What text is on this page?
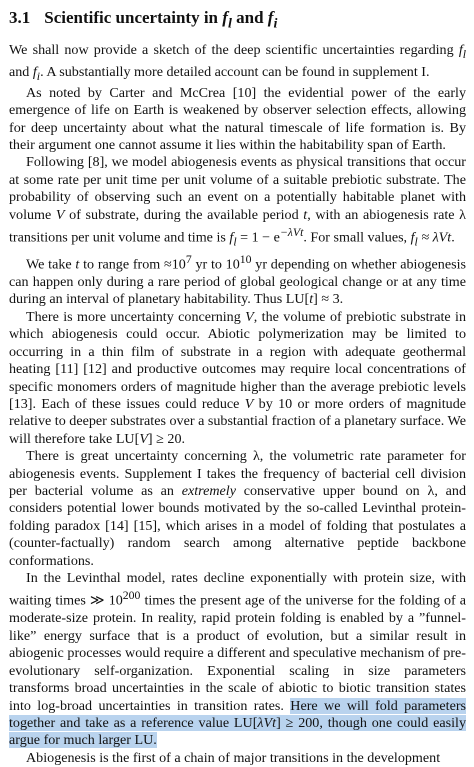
3.1 Scientific uncertainty in $f_l$ and $f_i$

We shall now provide a sketch of the deep scientific uncertainties regarding $f_l$ and $f_i$. A substantially more detailed account can be found in supplement I.

As noted by Carter and McCrea [10] the evidential power of the early emergence of life on Earth is weakened by observer selection effects, allowing for deep uncertainty about what the natural timescale of life formation is. By their argument one cannot assume it lies within the habitability span of Earth.

Following [8], we model abiogenesis events as physical transitions that occur at some rate per unit time per unit volume of a suitable prebiotic substrate. The probability of observing such an event on a potentially habitable planet with volume V of substrate, during the available period t, with an abiogenesis rate λ transitions per unit volume and time is $f_l = 1 - e^{-\lambda Vt}$. For small values, $f_l \approx \lambda Vt$.

We take t to range from $\approx 10^7$ yr to $10^{10}$ yr depending on whether abiogenesis can happen only during a rare period of global geological change or at any time during an interval of planetary habitability. Thus LU[t] ≈ 3.

There is more uncertainty concerning V, the volume of prebiotic substrate in which abiogenesis could occur. Abiotic polymerization may be limited to occurring in a thin film of substrate in a region with adequate geothermal heating [11] [12] and productive outcomes may require local concentrations of specific monomers orders of magnitude higher than the average prebiotic levels [13]. Each of these issues could reduce V by 10 or more orders of magnitude relative to deeper substrates over a substantial fraction of a planetary surface. We will therefore take LU[V] ≥ 20.

There is great uncertainty concerning λ, the volumetric rate parameter for abiogenesis events. Supplement I takes the frequency of bacterial cell division per bacterial volume as an extremely conservative upper bound on λ, and considers potential lower bounds motivated by the so-called Levinthal protein-folding paradox [14] [15], which arises in a model of folding that postulates a (counter-factually) random search among alternative peptide backbone conformations.

In the Levinthal model, rates decline exponentially with protein size, with waiting times ≫ $10^{200}$ times the present age of the universe for the folding of a moderate-size protein. In reality, rapid protein folding is enabled by a ”funnel-like” energy surface that is a product of evolution, but a similar result in abiogenic processes would require a different and speculative mechanism of pre-evolutionary self-organization. Exponential scaling in size parameters transforms broad uncertainties in the scale of abiotic to biotic transition states into log-broad uncertainties in transition rates. Here we will fold parameters together and take as a reference value LU[λVt] ≥ 200, though one could easily argue for much larger LU.

Abiogenesis is the first of a chain of major transitions in the development
